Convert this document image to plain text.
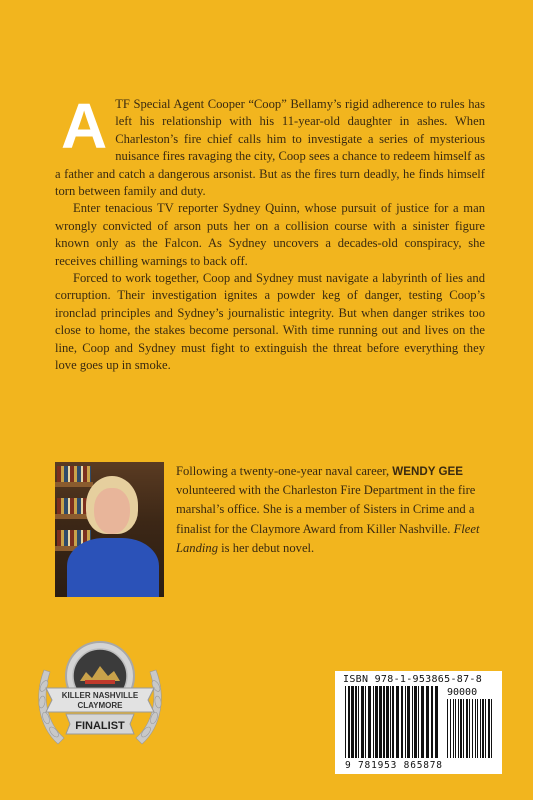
ATF Special Agent Cooper “Coop” Bellamy’s rigid adherence to rules has left his relationship with his 11-year-old daughter in ashes. When Charleston’s fire chief calls him to investigate a series of mysterious nuisance fires ravaging the city, Coop sees a chance to redeem himself as a father and catch a dangerous arsonist. But as the fires turn deadly, he finds himself torn between family and duty.

Enter tenacious TV reporter Sydney Quinn, whose pursuit of justice for a man wrongly convicted of arson puts her on a collision course with a sinister figure known only as the Falcon. As Sydney uncovers a decades-old conspiracy, she receives chilling warnings to back off.

Forced to work together, Coop and Sydney must navigate a labyrinth of lies and corruption. Their investigation ignites a powder keg of danger, testing Coop’s ironclad principles and Sydney’s journalistic integrity. But when danger strikes too close to home, the stakes become personal. With time running out and lives on the line, Coop and Sydney must fight to extinguish the threat before everything they love goes up in smoke.

Following a twenty-one-year naval career, WENDY GEE volunteered with the Charleston Fire Department in the fire marshal’s office. She is a member of Sisters in Crime and a finalist for the Claymore Award from Killer Nashville. Fleet Landing is her debut novel.
KILLER NASHVILLE
CLAYMORE
FINALIST
ISBN 978-1-953865-87-8
90000
9 781953 865878
